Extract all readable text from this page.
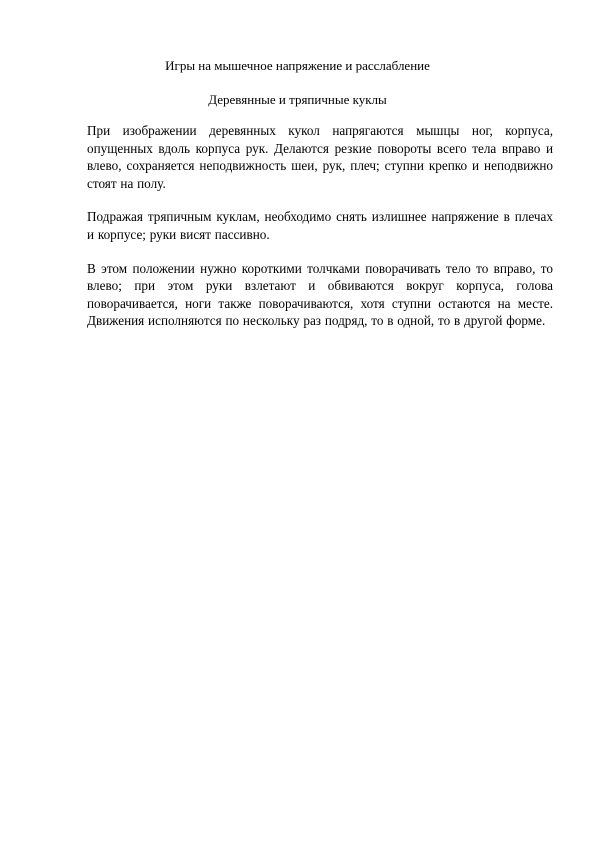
Игры на мышечное напряжение и расслабление
Деревянные и тряпичные куклы

При изображении деревянных кукол напрягаются мышцы ног, корпуса, опущенных вдоль корпуса рук. Делаются резкие повороты всего тела вправо и влево, сохраняется неподвижность шеи, рук, плеч; ступни крепко и неподвижно стоят на полу.

Подражая тряпичным куклам, необходимо снять излишнее напряжение в плечах и корпусе; руки висят пассивно.

В этом положении нужно короткими толчками поворачивать тело то вправо, то влево; при этом руки взлетают и обвиваются вокруг корпуса, голова поворачивается, ноги также поворачиваются, хотя ступни остаются на месте. Движения исполняются по нескольку раз подряд, то в одной, то в другой форме.
